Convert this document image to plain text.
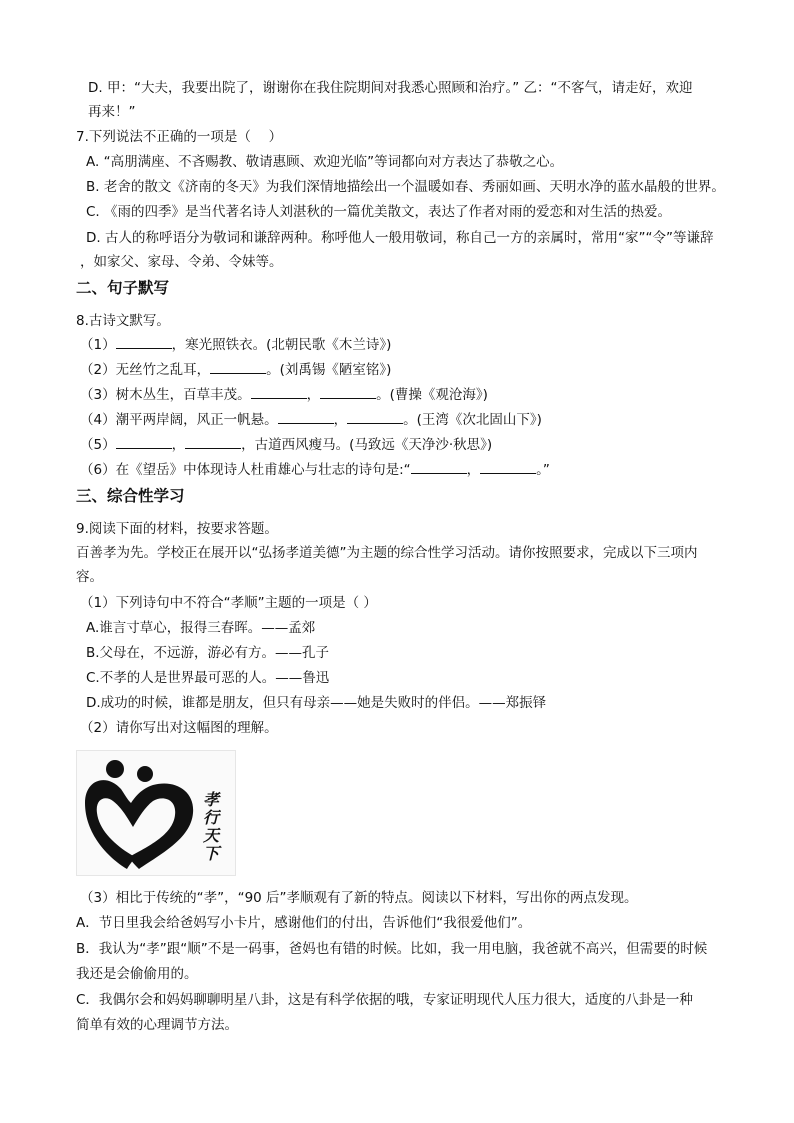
D. 甲：“大夫，我要出院了，谢谢你在我住院期间对我悉心照顾和治疗。” 乙：“不客气，请走好，欢迎
再来！”
7.下列说法不正确的一项是（　 ）
A. “高朋满座、不吝赐教、敬请惠顾、欢迎光临”等词都向对方表达了恭敬之心。
B. 老舍的散文《济南的冬天》为我们深情地描绘出一个温暖如春、秀丽如画、天明水净的蓝水晶般的世界。
C. 《雨的四季》是当代著名诗人刘湛秋的一篇优美散文，表达了作者对雨的爱恋和对生活的热爱。
D. 古人的称呼语分为敬词和谦辞两种。称呼他人一般用敬词，称自己一方的亲属时，常用“家”“令”等谦辞
，如家父、家母、令弟、令妹等。
二、句子默写
8.古诗文默写。
（1）	，寒光照铁衣。(北朝民歌《木兰诗》)
（2）无丝竹之乱耳，	。(刘禹锡《陋室铭》)
（3）树木丛生，百草丰茂。	，	。(曹操《观沧海》)
（4）潮平两岸阔，风正一帆悬。	，	。(王湾《次北固山下》)
（5）	，	，古道西风瘦马。(马致远《天净沙·秋思》)
（6）在《望岳》中体现诗人杜甫雄心与壮志的诗句是:“	，	。”
三、综合性学习
9.阅读下面的材料，按要求答题。
百善孝为先。学校正在展开以“弘扬孝道美德”为主题的综合性学习活动。请你按照要求，完成以下三项内
容。
（1）下列诗句中不符合“孝顺”主题的一项是（ ）
A.谁言寸草心，报得三春晖。——孟郊
B.父母在，不远游，游必有方。——孔子
C.不孝的人是世界最可恶的人。——鲁迅
D.成功的时候，谁都是朋友，但只有母亲——她是失败时的伴侣。——郑振铎
（2）请你写出对这幅图的理解。
孝
行
天
下
（3）相比于传统的“孝”，“90 后”孝顺观有了新的特点。阅读以下材料，写出你的两点发现。
A．节日里我会给爸妈写小卡片，感谢他们的付出，告诉他们“我很爱他们”。
B．我认为“孝”跟“顺”不是一码事，爸妈也有错的时候。比如，我一用电脑，我爸就不高兴，但需要的时候
我还是会偷偷用的。
C．我偶尔会和妈妈聊聊明星八卦，这是有科学依据的哦，专家证明现代人压力很大，适度的八卦是一种
简单有效的心理调节方法。
